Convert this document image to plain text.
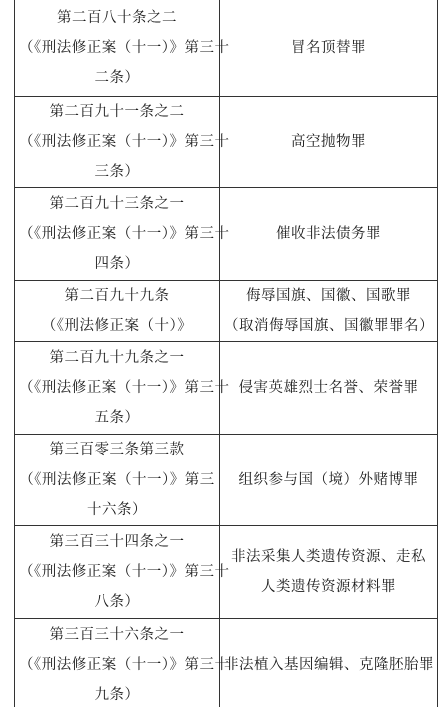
第二百八十条之二
（《刑法修正案（十一）》第三十
二条）	冒名顶替罪

第二百九十一条之二
（《刑法修正案（十一）》第三十
三条）	高空抛物罪

第二百九十三条之一
（《刑法修正案（十一）》第三十
四条）	催收非法债务罪

第二百九十九条
（《刑法修正案（十）》	侮辱国旗、国徽、国歌罪
（取消侮辱国旗、国徽罪罪名）

第二百九十九条之一
（《刑法修正案（十一）》第三十
五条）	侵害英雄烈士名誉、荣誉罪

第三百零三条第三款
（《刑法修正案（十一）》第三
十六条）	组织参与国（境）外赌博罪

第三百三十四条之一
（《刑法修正案（十一）》第三十
八条）	非法采集人类遗传资源、走私
人类遗传资源材料罪

第三百三十六条之一
（《刑法修正案（十一）》第三十
九条）	非法植入基因编辑、克隆胚胎罪
